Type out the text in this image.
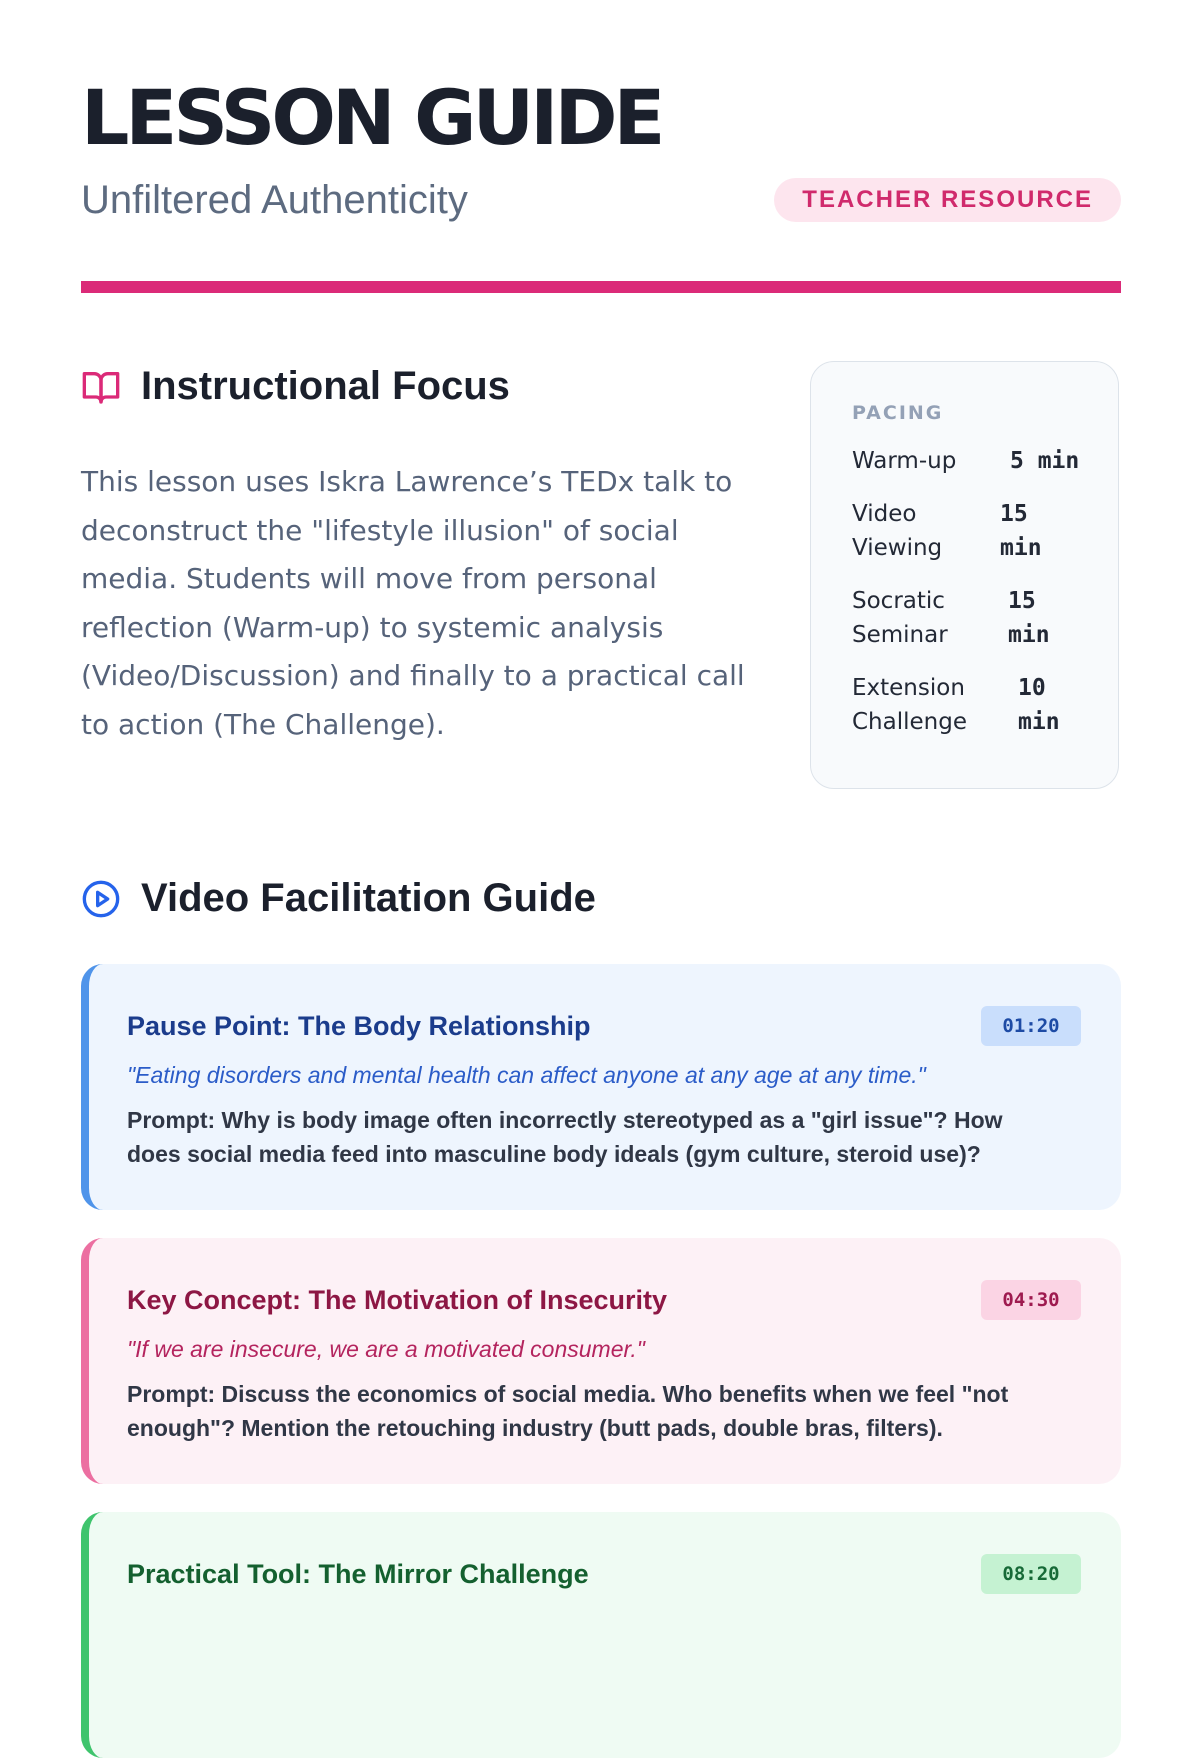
LESSON GUIDE
Unfiltered Authenticity	TEACHER RESOURCE
Instructional Focus

This lesson uses Iskra Lawrence’s TEDx talk to deconstruct the "lifestyle illusion" of social media. Students will move from personal reflection (Warm-up) to systemic analysis (Video/Discussion) and finally to a practical call to action (The Challenge).

PACING
Warm-up	5 min
Video Viewing
15 min
Socratic Seminar
15 min
Extension Challenge
10 min
Video Facilitation Guide
Pause Point: The Body Relationship	01:20
"Eating disorders and mental health can affect anyone at any age at any time."
Prompt: Why is body image often incorrectly stereotyped as a "girl issue"? How does social media feed into masculine body ideals (gym culture, steroid use)?
Key Concept: The Motivation of Insecurity	04:30
"If we are insecure, we are a motivated consumer."
Prompt: Discuss the economics of social media. Who benefits when we feel "not enough"? Mention the retouching industry (butt pads, double bras, filters).
Practical Tool: The Mirror Challenge	08:20
